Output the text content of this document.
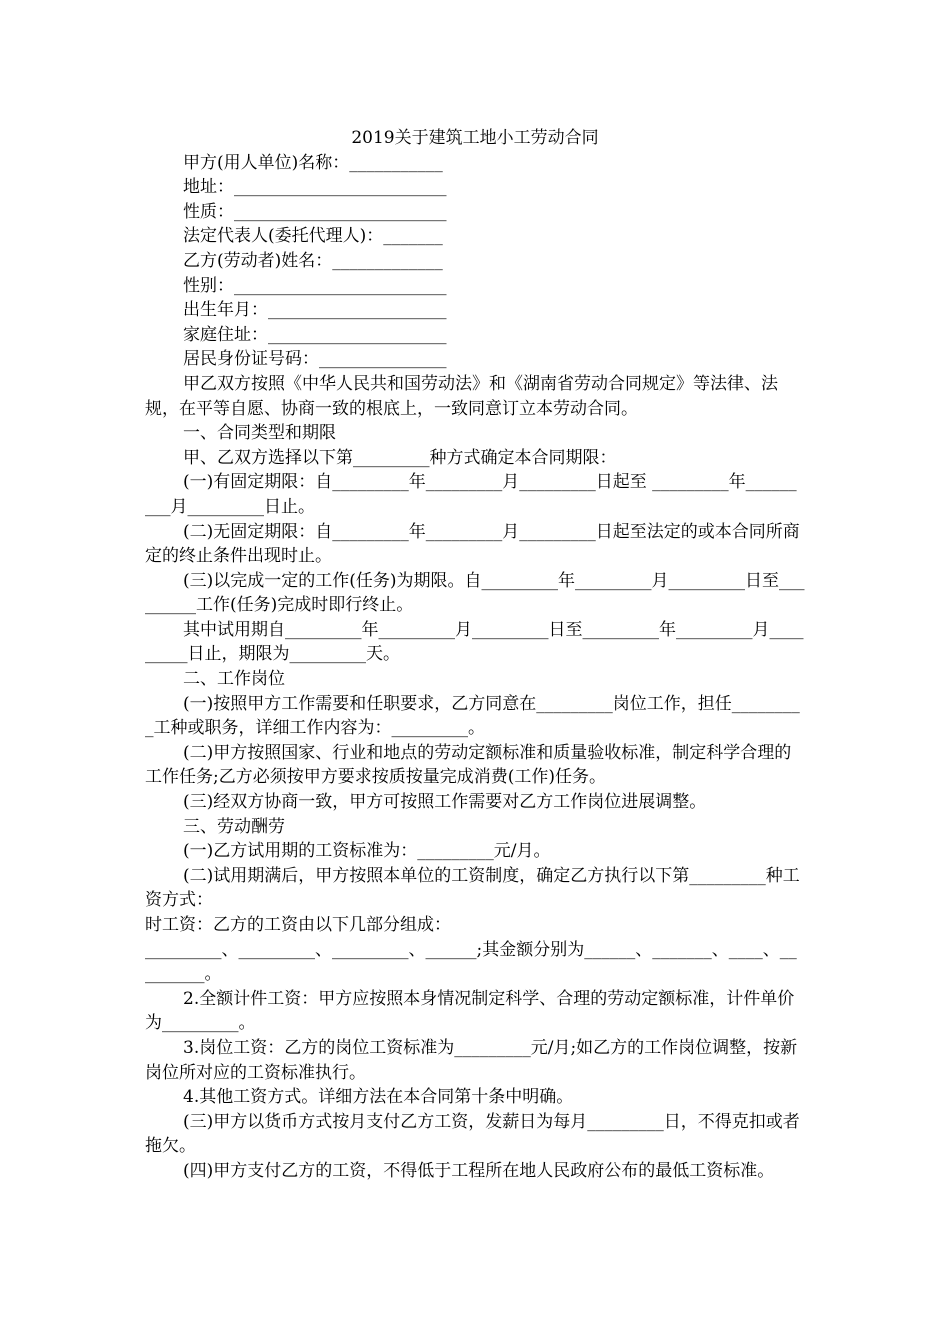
2019关于建筑工地小工劳动合同

甲方(用人单位)名称：___________

地址：_________________________

性质：_________________________

法定代表人(委托代理人)：_______

乙方(劳动者)姓名：_____________

性别：_________________________

出生年月：_____________________

家庭住址：_____________________

居民身份证号码：_______________

甲乙双方按照《中华人民共和国劳动法》和《湖南省劳动合同规定》等法律、法规，在平等自愿、协商一致的根底上，一致同意订立本劳动合同。

一、合同类型和期限

甲、乙双方选择以下第_________种方式确定本合同期限：

(一)有固定期限：自_________年_________月_________日起至 _________年_________月_________日止。

(二)无固定期限：自_________年_________月_________日起至法定的或本合同所商定的终止条件出现时止。

(三)以完成一定的工作(任务)为期限。自_________年_________月_________日至_________工作(任务)完成时即行终止。

其中试用期自_________年_________月_________日至_________年_________月_________日止，期限为_________天。

二、工作岗位

(一)按照甲方工作需要和任职要求，乙方同意在_________岗位工作，担任_________工种或职务，详细工作内容为：_________。

(二)甲方按照国家、行业和地点的劳动定额标准和质量验收标准，制定科学合理的工作任务;乙方必须按甲方要求按质按量完成消费(工作)任务。

(三)经双方协商一致，甲方可按照工作需要对乙方工作岗位进展调整。

三、劳动酬劳

(一)乙方试用期的工资标准为：_________元/月。

(二)试用期满后，甲方按照本单位的工资制度，确定乙方执行以下第_________种工资方式：

时工资：乙方的工资由以下几部分组成：

_________、_________、_________、______;其金额分别为______、_______、____、_________。

2.全额计件工资：甲方应按照本身情况制定科学、合理的劳动定额标准，计件单价为_________。

3.岗位工资：乙方的岗位工资标准为_________元/月;如乙方的工作岗位调整，按新岗位所对应的工资标准执行。

4.其他工资方式。详细方法在本合同第十条中明确。

(三)甲方以货币方式按月支付乙方工资，发薪日为每月_________日，不得克扣或者拖欠。

(四)甲方支付乙方的工资，不得低于工程所在地人民政府公布的最低工资标准。
